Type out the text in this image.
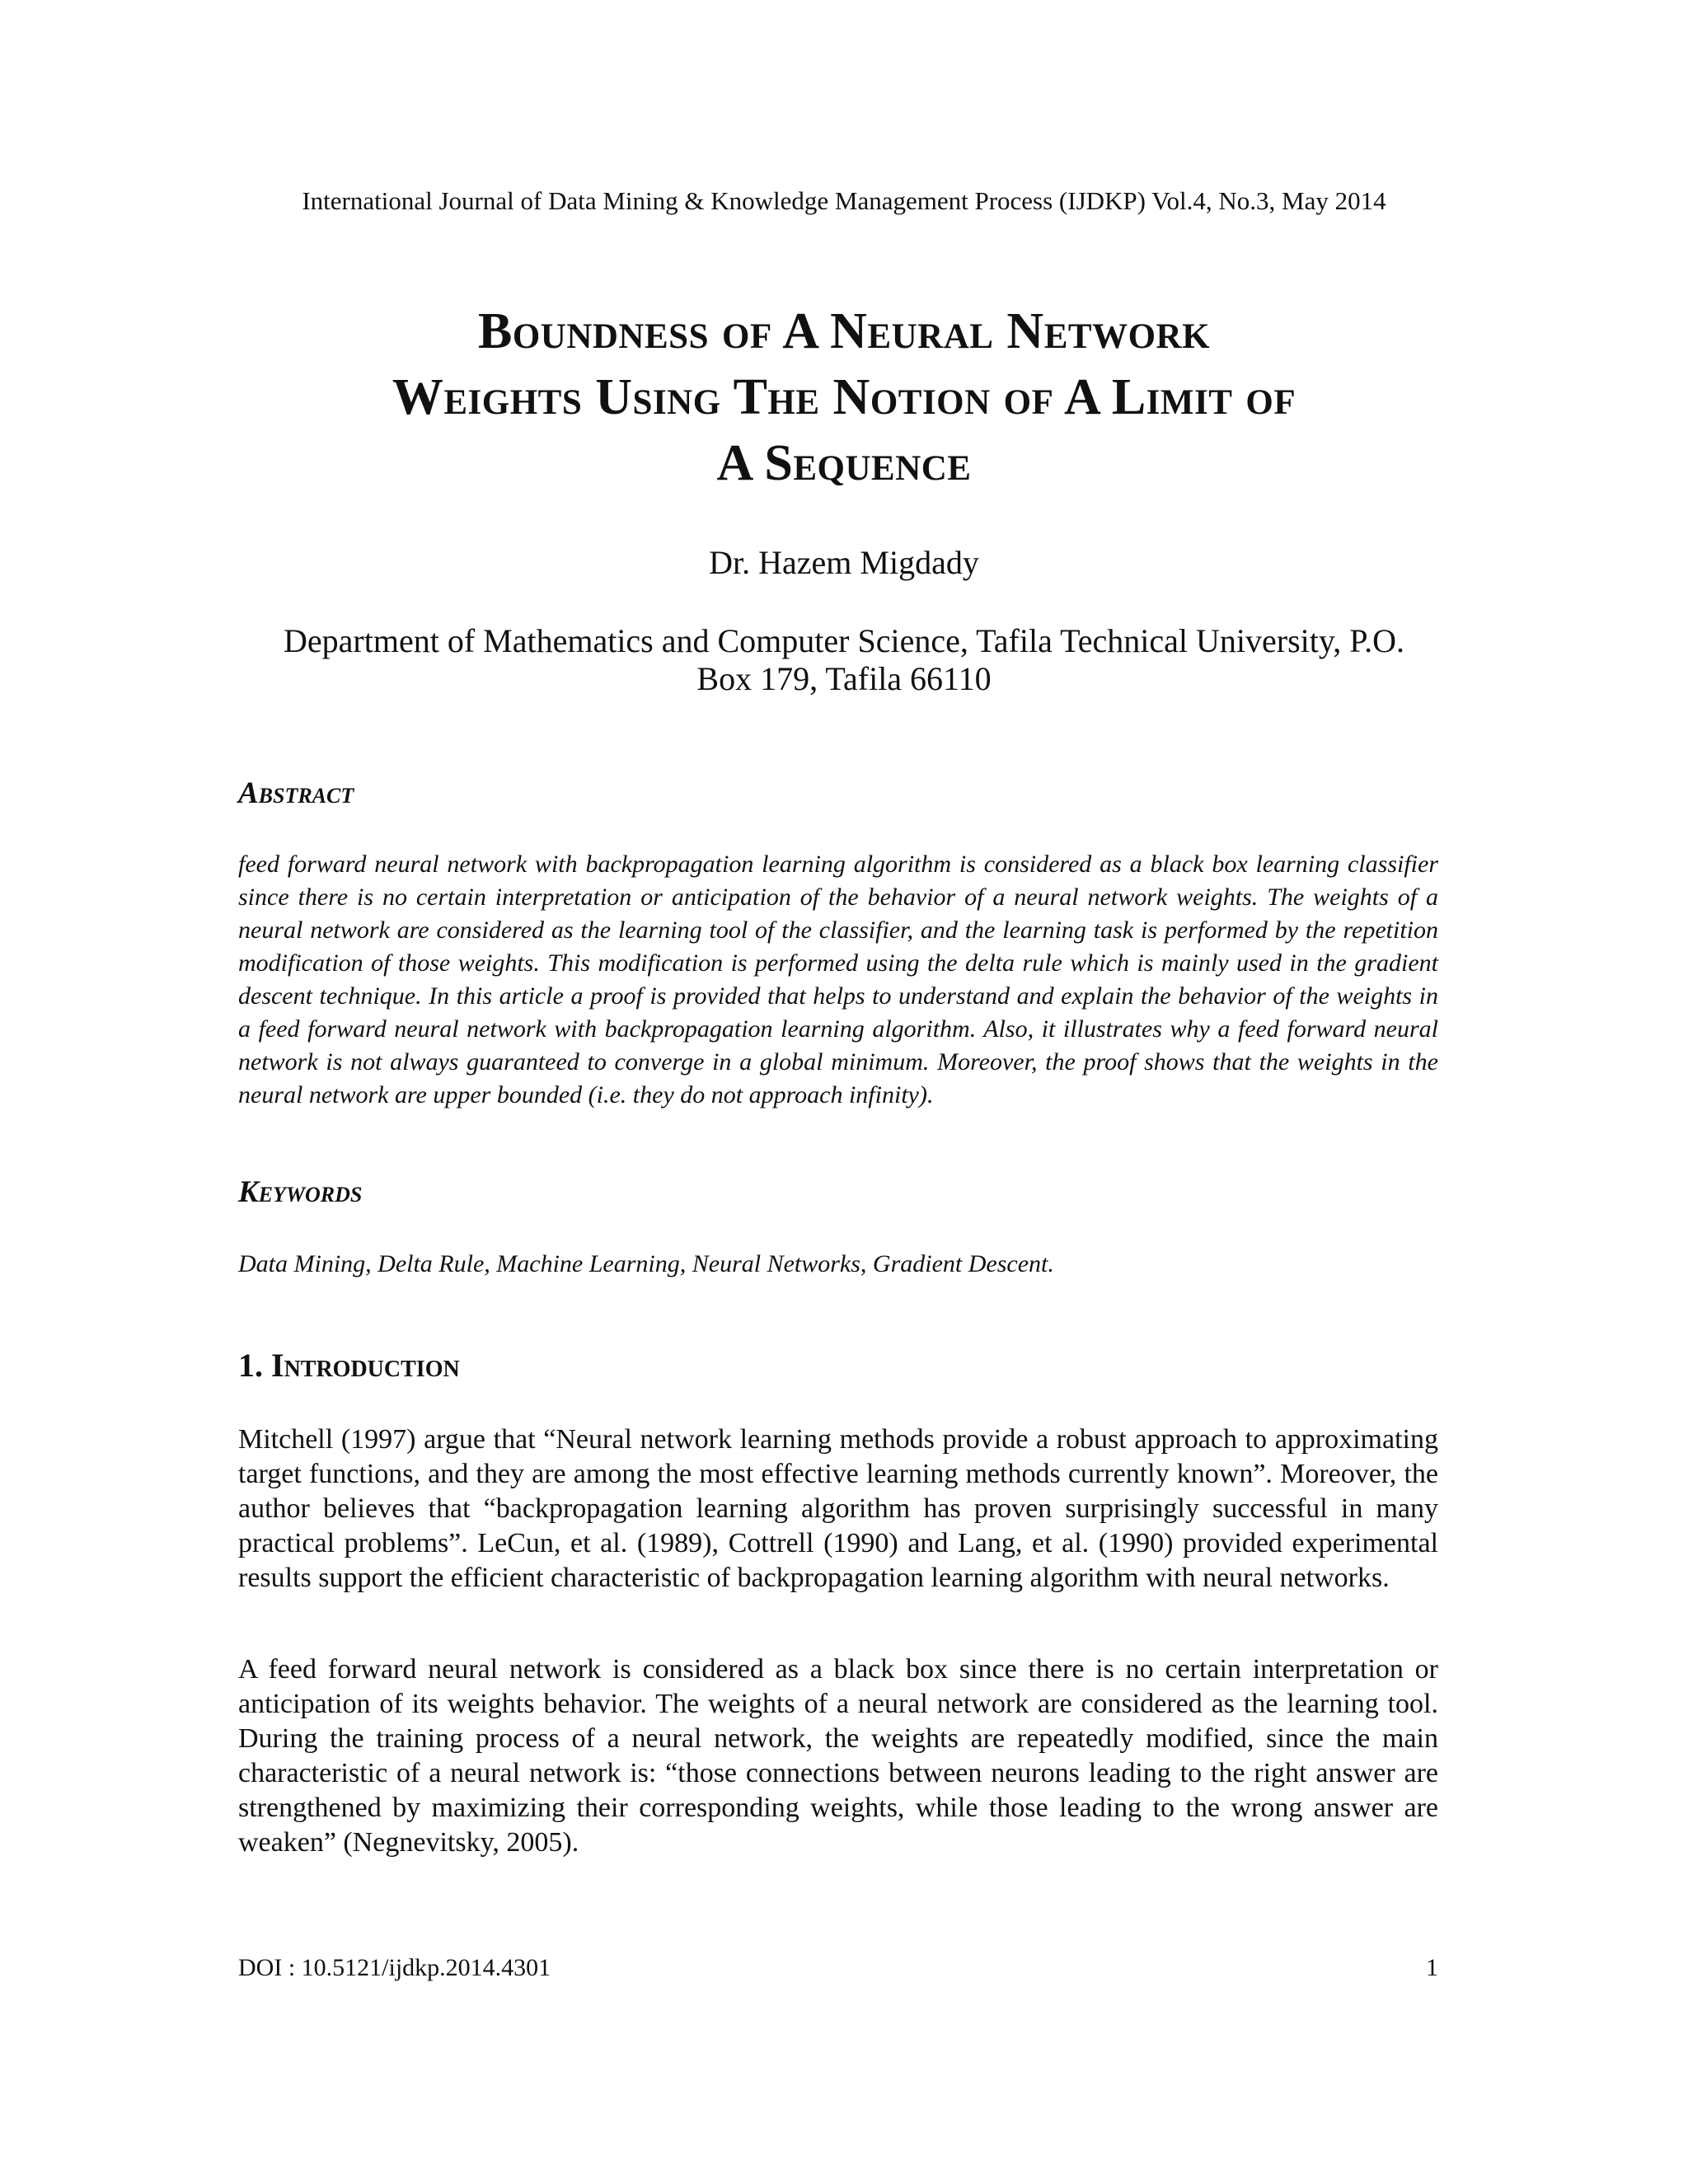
International Journal of Data Mining & Knowledge Management Process (IJDKP) Vol.4, No.3, May 2014
Boundness of A Neural Network
Weights Using The Notion of A Limit of
A Sequence
Dr. Hazem Migdady
Department of Mathematics and Computer Science, Tafila Technical University, P.O.
Box 179, Tafila 66110
Abstract
feed forward neural network with backpropagation learning algorithm is considered as a black box learning classifier since there is no certain interpretation or anticipation of the behavior of a neural network weights. The weights of a neural network are considered as the learning tool of the classifier, and the learning task is performed by the repetition modification of those weights. This modification is performed using the delta rule which is mainly used in the gradient descent technique. In this article a proof is provided that helps to understand and explain the behavior of the weights in a feed forward neural network with backpropagation learning algorithm. Also, it illustrates why a feed forward neural network is not always guaranteed to converge in a global minimum. Moreover, the proof shows that the weights in the neural network are upper bounded (i.e. they do not approach infinity).
Keywords
Data Mining, Delta Rule, Machine Learning, Neural Networks, Gradient Descent.
1. Introduction

Mitchell (1997) argue that “Neural network learning methods provide a robust approach to approximating target functions, and they are among the most effective learning methods currently known”. Moreover, the author believes that “backpropagation learning algorithm has proven surprisingly successful in many practical problems”. LeCun, et al. (1989), Cottrell (1990) and Lang, et al. (1990) provided experimental results support the efficient characteristic of backpropagation learning algorithm with neural networks.

A feed forward neural network is considered as a black box since there is no certain interpretation or anticipation of its weights behavior. The weights of a neural network are considered as the learning tool. During the training process of a neural network, the weights are repeatedly modified, since the main characteristic of a neural network is: “those connections between neurons leading to the right answer are strengthened by maximizing their corresponding weights, while those leading to the wrong answer are weaken” (Negnevitsky, 2005).

DOI : 10.5121/ijdkp.2014.4301	1
